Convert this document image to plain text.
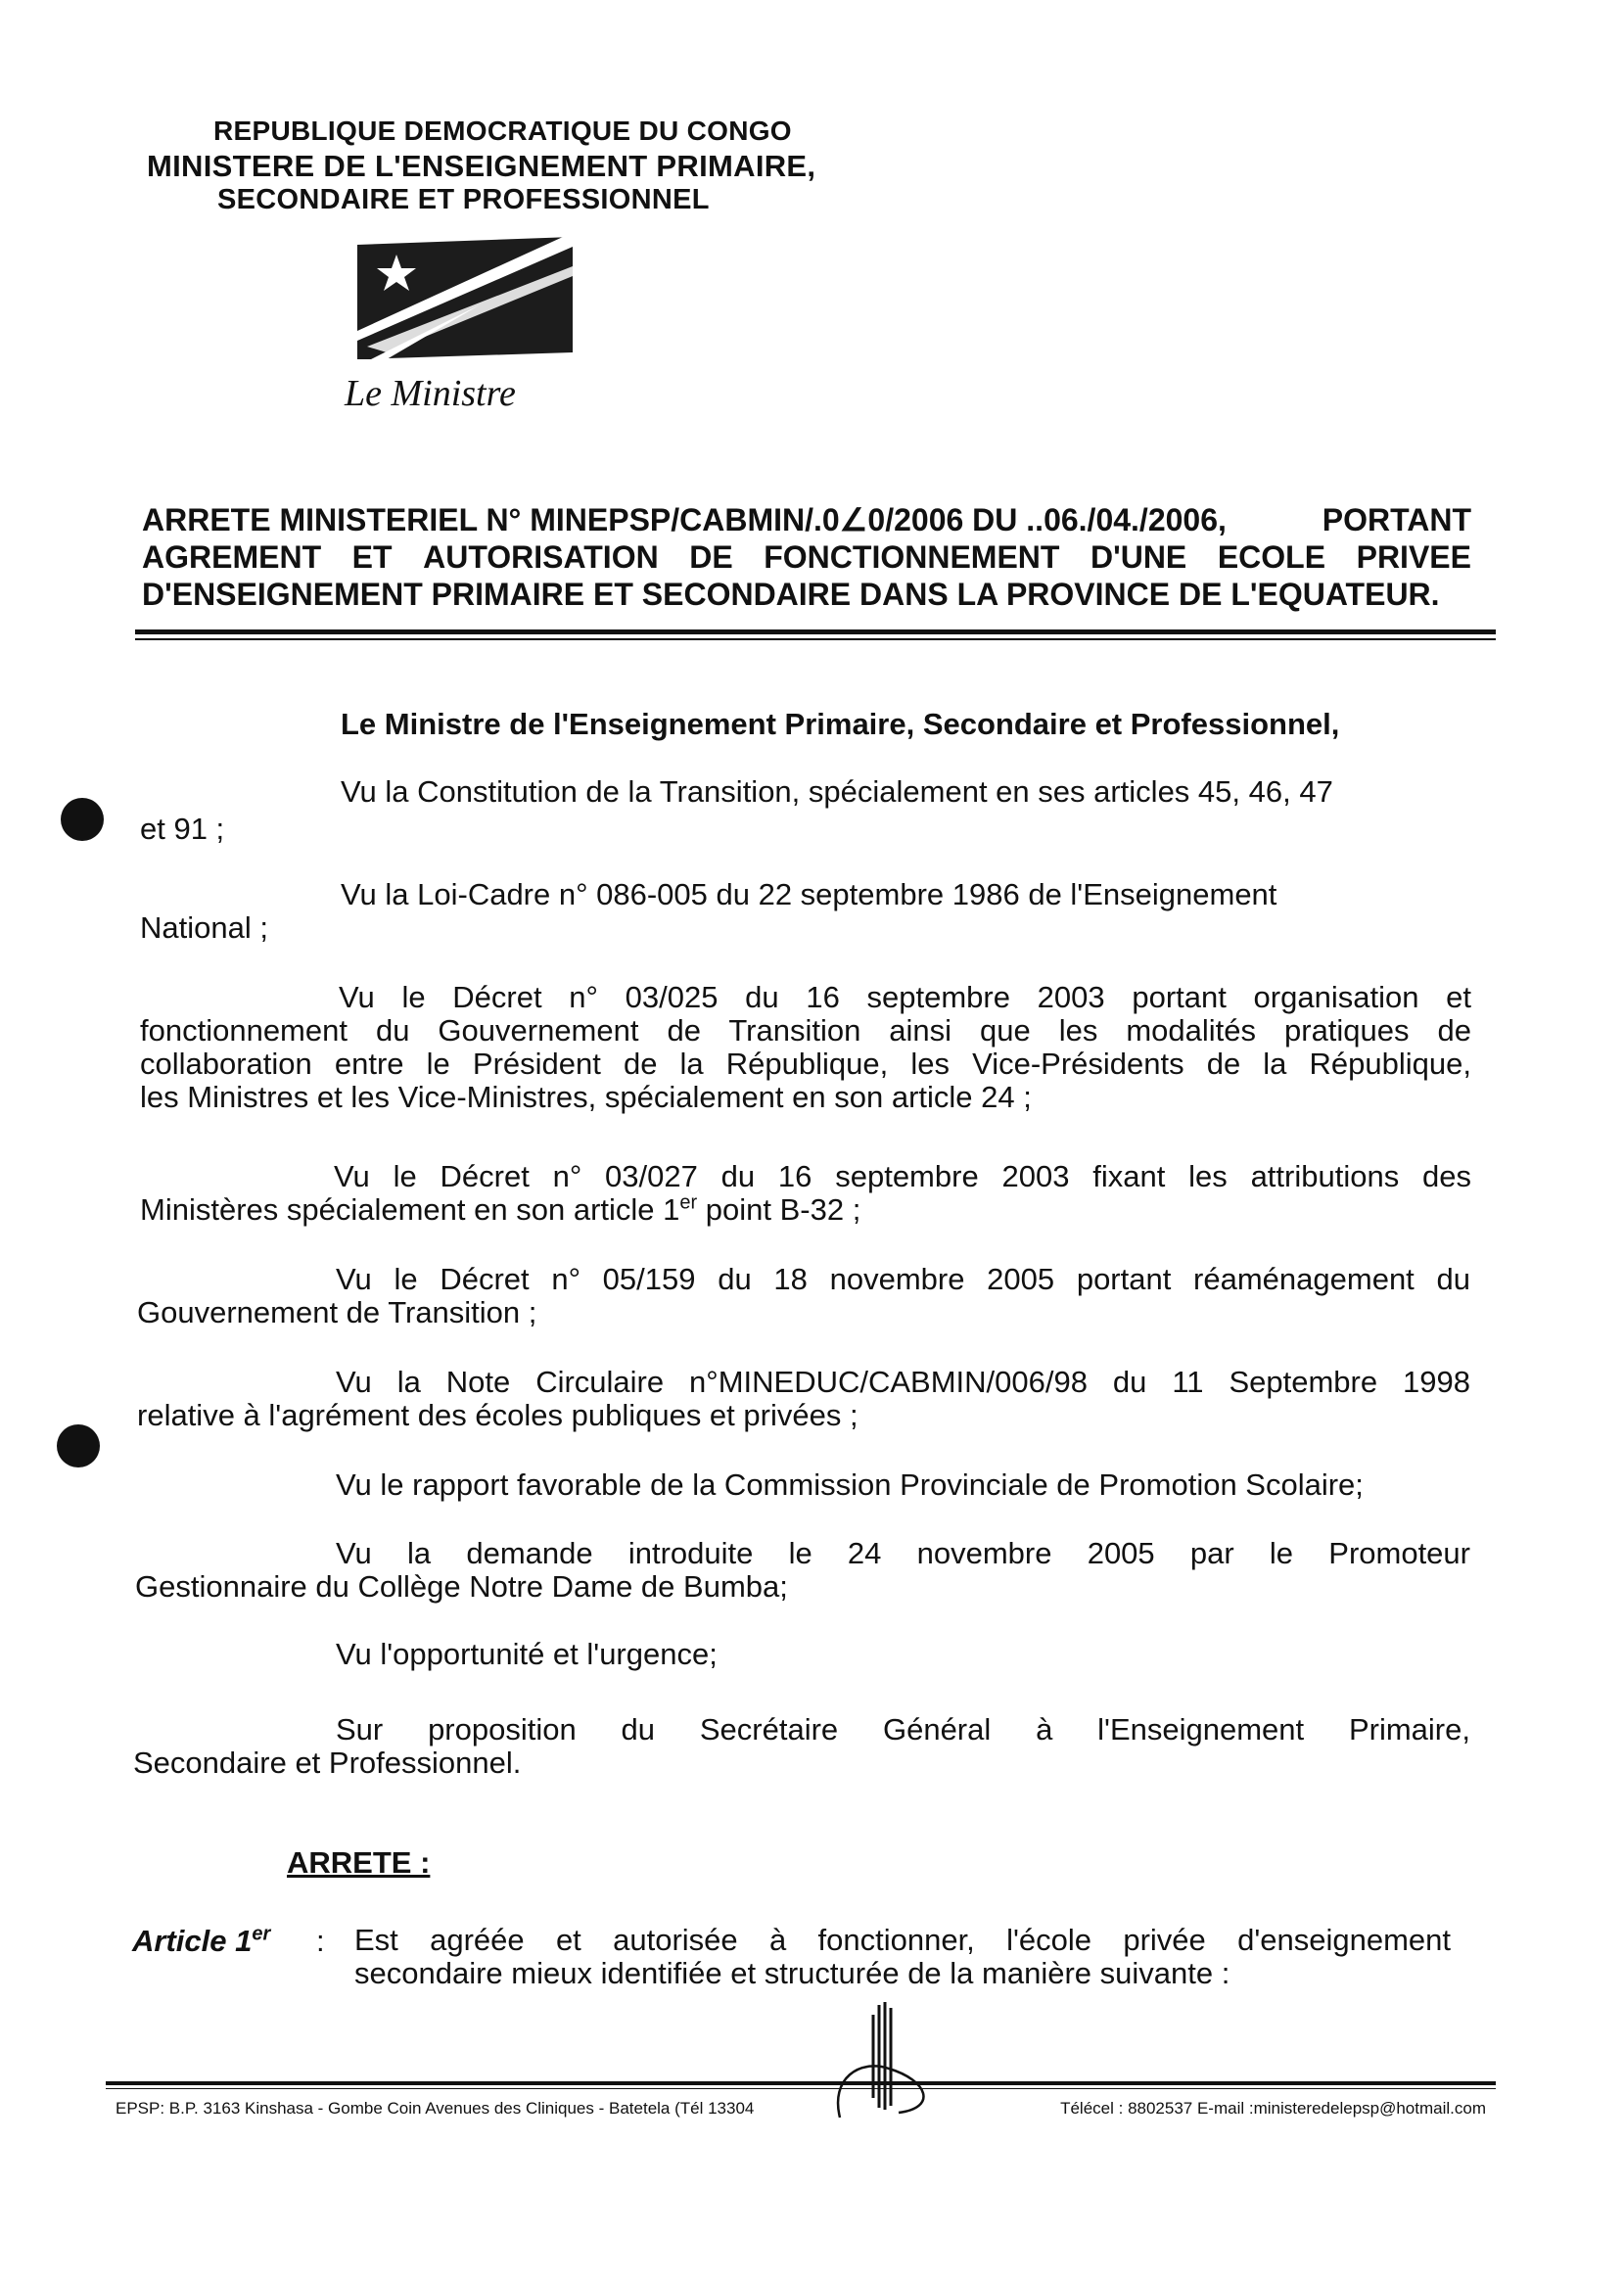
REPUBLIQUE DEMOCRATIQUE DU CONGO
MINISTERE DE L'ENSEIGNEMENT PRIMAIRE,
SECONDAIRE ET PROFESSIONNEL
Le Ministre
ARRETE MINISTERIEL N° MINEPSP/CABMIN/.0∠0/2006 DU ..06./04./2006,	PORTANT
AGREMENT ET AUTORISATION DE FONCTIONNEMENT D'UNE ECOLE PRIVEE
D'ENSEIGNEMENT PRIMAIRE ET SECONDAIRE DANS LA PROVINCE DE L'EQUATEUR.
Le Ministre de l'Enseignement Primaire, Secondaire et Professionnel,
Vu la Constitution de la Transition, spécialement en ses articles 45, 46, 47
et 91 ;
Vu la Loi-Cadre n° 086-005 du 22 septembre 1986 de l'Enseignement
National ;
Vu le Décret n° 03/025 du 16 septembre 2003 portant organisation et
fonctionnement du Gouvernement de Transition ainsi que les modalités pratiques de
collaboration entre le Président de la République, les Vice-Présidents de la République,
les Ministres et les Vice-Ministres, spécialement en son article 24 ;
Vu le Décret n° 03/027 du 16 septembre 2003 fixant les attributions des
Ministères spécialement en son article 1er point B-32 ;
Vu le Décret n° 05/159 du 18 novembre 2005 portant réaménagement du
Gouvernement de Transition ;
Vu la Note Circulaire n°MINEDUC/CABMIN/006/98 du 11 Septembre 1998
relative à l'agrément des écoles publiques et privées ;
Vu le rapport favorable de la Commission Provinciale de Promotion Scolaire;
Vu la demande introduite le 24 novembre 2005 par le Promoteur
Gestionnaire du Collège Notre Dame de Bumba;
Vu l'opportunité et l'urgence;
Sur proposition du Secrétaire Général à l'Enseignement Primaire,
Secondaire et Professionnel.
ARRETE :
Article 1er : Est agréée et autorisée à fonctionner, l'école privée d'enseignement
secondaire mieux identifiée et structurée de la manière suivante :
EPSP: B.P. 3163 Kinshasa - Gombe Coin Avenues des Cliniques - Batetela (Tél 13304	Télécel : 8802537 E-mail :ministeredelepsp@hotmail.com
